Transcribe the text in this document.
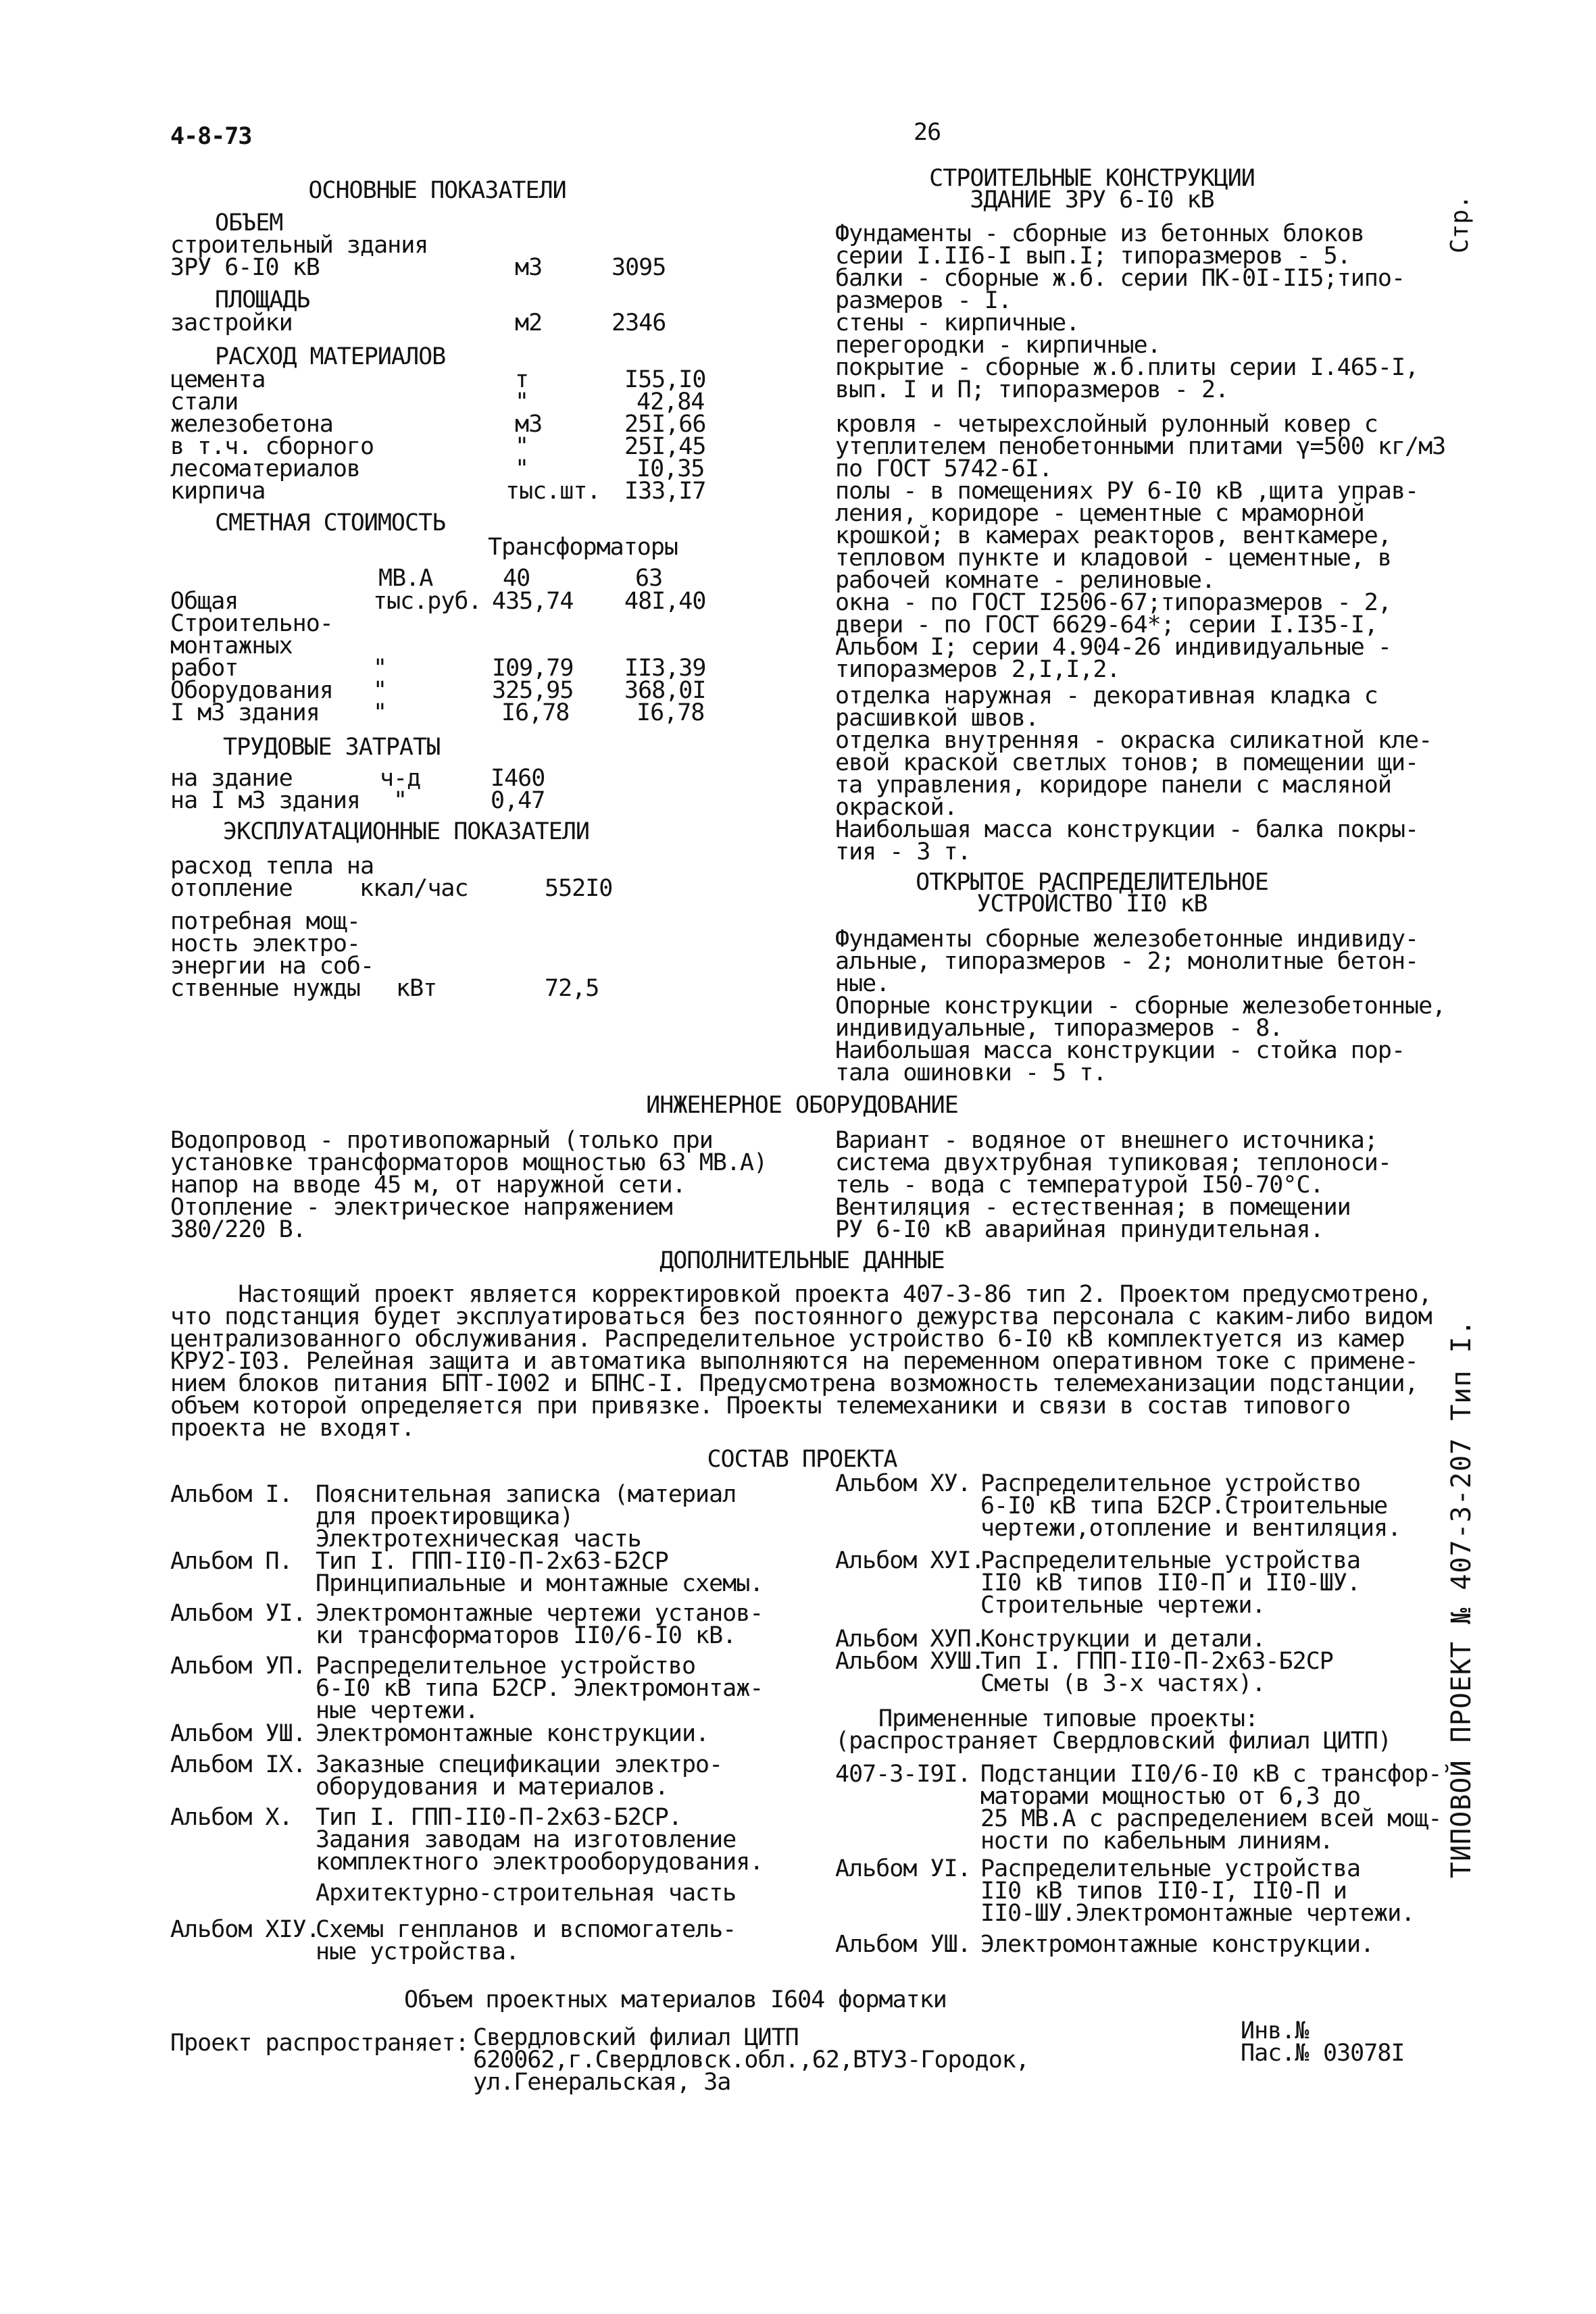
4-8-73	26
Стр.
ТИПОВОЙ ПРОЕКТ № 407-3-207 Тип I.
ОСНОВНЫЕ ПОКАЗАТЕЛИ
ОБЪЕМ
строительный здания
ЗРУ 6-I0 кВ	м3	3095
ПЛОЩАДЬ
застройки	м2	2346
РАСХОД МАТЕРИАЛОВ
цемента	т	I55,I0
стали	"	42,84
железобетона	м3	25I,66
в т.ч. сборного	"	25I,45
лесоматериалов	"	I0,35
кирпича	тыс.шт. I33,I7
СМЕТНАЯ СТОИМОСТЬ
Трансформаторы
МВ.А	40	63
Общая	тыс.руб. 435,74 48I,40
Строительно-
монтажных
работ	"	I09,79 II3,39
Оборудования "	325,95 368,0I
I м3 здания "	I6,78	I6,78
ТРУДОВЫЕ ЗАТРАТЫ
на здание	ч-д	I460
на I м3 здания "	0,47
ЭКСПЛУАТАЦИОННЫЕ ПОКАЗАТЕЛИ
расход тепла на
отопление	ккал/час	552I0
потребная мощ-
ность электро-
энергии на соб-
ственные нужды	кВт	72,5
СТРОИТЕЛЬНЫЕ КОНСТРУКЦИИ
ЗДАНИЕ ЗРУ 6-I0 кВ
Фундаменты - сборные из бетонных блоков
серии I.II6-I вып.I; типоразмеров - 5.
балки - сборные ж.б. серии ПК-0I-II5;типо-
размеров - I.
стены - кирпичные.
перегородки - кирпичные.
покрытие - сборные ж.б.плиты серии I.465-I,
вып. I и П; типоразмеров - 2.
кровля - четырехслойный рулонный ковер с
утеплителем пенобетонными плитами γ=500 кг/м3
по ГОСТ 5742-6I.
полы - в помещениях РУ 6-I0 кВ ,щита управ-
ления, коридоре - цементные с мраморной
крошкой; в камерах реакторов, венткамере,
тепловом пункте и кладовой - цементные, в
рабочей комнате - релиновые.
окна - по ГОСТ I2506-67;типоразмеров - 2,
двери - по ГОСТ 6629-64*; серии I.I35-I,
Альбом I; серии 4.904-26 индивидуальные -
типоразмеров 2,I,I,2.
отделка наружная - декоративная кладка с
расшивкой швов.
отделка внутренняя - окраска силикатной кле-
евой краской светлых тонов; в помещении щи-
та управления, коридоре панели с масляной
окраской.
Наибольшая масса конструкции - балка покры-
тия - 3 т.
ОТКРЫТОЕ РАСПРЕДЕЛИТЕЛЬНОЕ
УСТРОЙСТВО II0 кВ
Фундаменты сборные железобетонные индивиду-
альные, типоразмеров - 2; монолитные бетон-
ные.
Опорные конструкции - сборные железобетонные,
индивидуальные, типоразмеров - 8.
Наибольшая масса конструкции - стойка пор-
тала ошиновки - 5 т.
ИНЖЕНЕРНОЕ ОБОРУДОВАНИЕ
Водопровод - противопожарный (только при
установке трансформаторов мощностью 63 МВ.А)
напор на вводе 45 м, от наружной сети.
Отопление - электрическое напряжением
380/220 В.
Вариант - водяное от внешнего источника;
система двухтрубная тупиковая; теплоноси-
тель - вода с температурой I50-70°С.
Вентиляция - естественная; в помещении
РУ 6-I0 кВ аварийная принудительная.
ДОПОЛНИТЕЛЬНЫЕ ДАННЫЕ
Настоящий проект является корректировкой проекта 407-3-86 тип 2. Проектом предусмотрено,
что подстанция будет эксплуатироваться без постоянного дежурства персонала с каким-либо видом
централизованного обслуживания. Распределительное устройство 6-I0 кВ комплектуется из камер
КРУ2-I03. Релейная защита и автоматика выполняются на переменном оперативном токе с примене-
нием блоков питания БПТ-I002 и БПНС-I. Предусмотрена возможность телемеханизации подстанции,
объем которой определяется при привязке. Проекты телемеханики и связи в состав типового
проекта не входят.
СОСТАВ ПРОЕКТА
Альбом I. Пояснительная записка (материал
для проектировщика)
Электротехническая часть
Альбом П. Тип I. ГПП-II0-П-2х63-Б2СР
Принципиальные и монтажные схемы.
Альбом УI. Электромонтажные чертежи установ-
ки трансформаторов II0/6-I0 кВ.
Альбом УП. Распределительное устройство
6-I0 кВ типа Б2СР. Электромонтаж-
ные чертежи.
Альбом УШ. Электромонтажные конструкции.
Альбом IX. Заказные спецификации электро-
оборудования и материалов.
Альбом X. Тип I. ГПП-II0-П-2х63-Б2СР.
Задания заводам на изготовление
комплектного электрооборудования.
Архитектурно-строительная часть
Альбом XIУ.
Схемы генпланов и вспомогатель-
ные устройства.
Альбом ХУ. Распределительное устройство
6-I0 кВ типа Б2СР.Строительные
чертежи,отопление и вентиляция.
Альбом ХУI.
Распределительные устройства
II0 кВ типов II0-П и II0-ШУ.
Строительные чертежи.
Альбом ХУП.
Конструкции и детали.
Альбом ХУШ.
Тип I. ГПП-II0-П-2х63-Б2СР
Сметы (в 3-х частях).
Примененные типовые проекты:
(распространяет Свердловский филиал ЦИТП)
407-3-I9I. Подстанции II0/6-I0 кВ с трансфор-
маторами мощностью от 6,3 до
25 МВ.А с распределением всей мощ-
ности по кабельным линиям.
Альбом УI. Распределительные устройства
II0 кВ типов II0-I, II0-П и
II0-ШУ.Электромонтажные чертежи.
Альбом УШ. Электромонтажные конструкции.
Объем проектных материалов I604 форматки
Проект распространяет: Свердловский филиал ЦИТП
620062,г.Свердловск.обл.,62,ВТУЗ-Городок,
ул.Генеральская, 3а
Инв.№
Пас.№ 03078I
